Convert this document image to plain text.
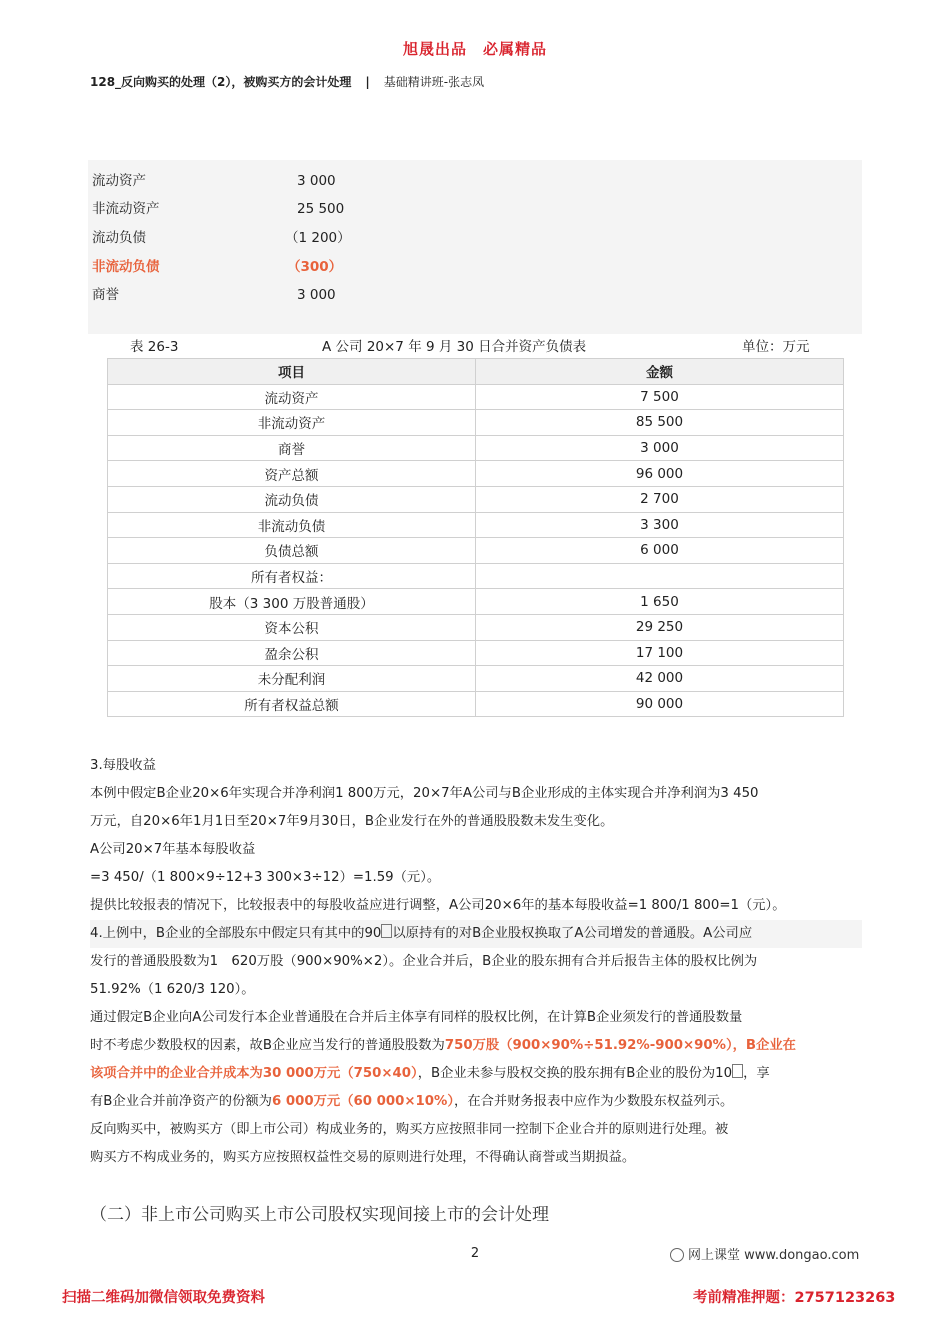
旭晟出品　必属精品
128_反向购买的处理（2），被购买方的会计处理 | 基础精讲班-张志凤
流动资产	3 000
非流动资产	25 500
流动负债	（1 200）
非流动负债	（300）
商誉	3 000
表 26-3	A 公司 20×7 年 9 月 30 日合并资产负债表	单位：万元
项目	金额
流动资产	7 500
非流动资产	85 500
商誉	3 000
资产总额	96 000
流动负债	2 700
非流动负债	3 300
负债总额	6 000
所有者权益：	
股本（3 300 万股普通股）	1 650
资本公积	29 250
盈余公积	17 100
未分配利润	42 000
所有者权益总额	90 000
3.每股收益
本例中假定B企业20×6年实现合并净利润1 800万元，20×7年A公司与B企业形成的主体实现合并净利润为3 450
万元，自20×6年1月1日至20×7年9月30日，B企业发行在外的普通股股数未发生变化。
A公司20×7年基本每股收益
=3 450/（1 800×9÷12+3 300×3÷12）=1.59（元）。
提供比较报表的情况下，比较报表中的每股收益应进行调整，A公司20×6年的基本每股收益=1 800/1 800=1（元）。
4.上例中，B企业的全部股东中假定只有其中的90 以原持有的对B企业股权换取了A公司增发的普通股。A公司应
发行的普通股股数为1　620万股（900×90%×2）。企业合并后，B企业的股东拥有合并后报告主体的股权比例为
51.92%（1 620/3 120）。
通过假定B企业向A公司发行本企业普通股在合并后主体享有同样的股权比例，在计算B企业须发行的普通股数量
时不考虑少数股权的因素，故B企业应当发行的普通股股数为750万股（900×90%÷51.92%-900×90%），B企业在
该项合并中的企业合并成本为30 000万元（750×40），B企业未参与股权交换的股东拥有B企业的股份为10 ，享
有B企业合并前净资产的份额为6 000万元（60 000×10%），在合并财务报表中应作为少数股东权益列示。
反向购买中，被购买方（即上市公司）构成业务的，购买方应按照非同一控制下企业合并的原则进行处理。被
购买方不构成业务的，购买方应按照权益性交易的原则进行处理，不得确认商誉或当期损益。
（二）非上市公司购买上市公司股权实现间接上市的会计处理
2	网上课堂 www.dongao.com
扫描二维码加微信领取免费资料	考前精准押题：2757123263
